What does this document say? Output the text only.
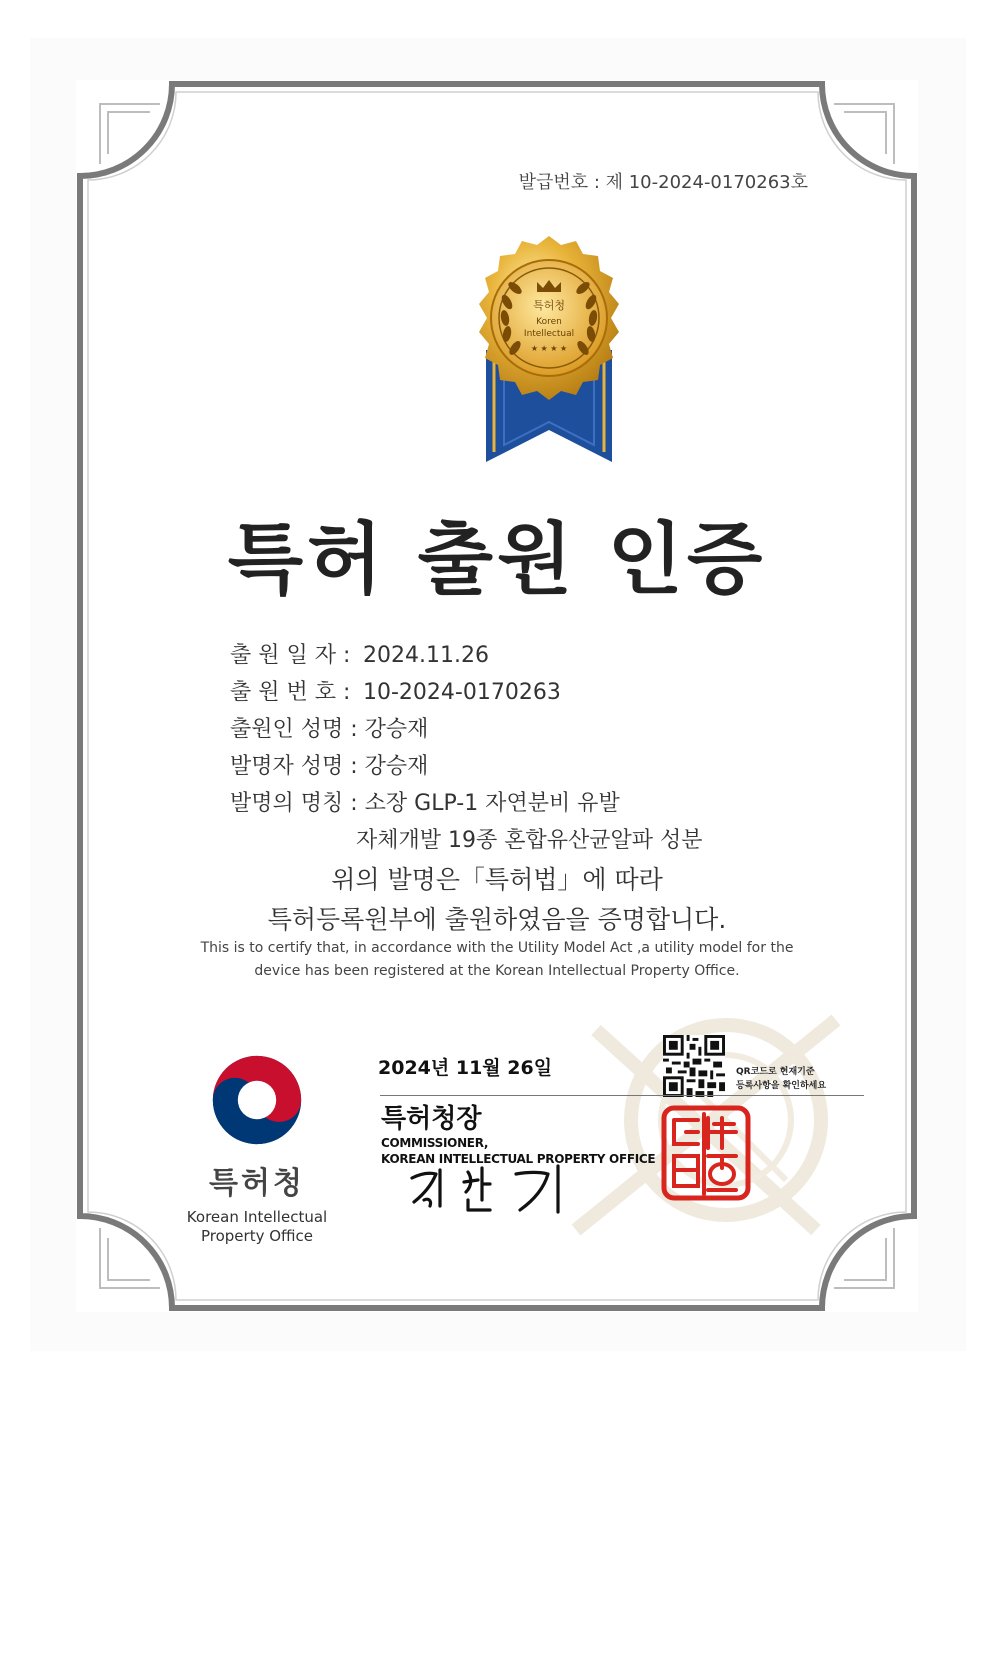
발급번호 : 제 10-2024-0170263호
특허청
Koren
Intellectual
★ ★ ★ ★
특허 출원 인증
출 원 일 자 : 2024.11.26
출 원 번 호 : 10-2024-0170263
출원인 성명 : 강승재
발명자 성명 : 강승재
발명의 명칭 : 소장 GLP-1 자연분비 유발
자체개발 19종 혼합유산균알파 성분
위의 발명은「특허법」에 따라
특허등록원부에 출원하였음을 증명합니다.
This is to certify that, in accordance with the Utility Model Act ,a utility model for the
device has been registered at the Korean Intellectual Property Office.
특허청
Korean Intellectual
Property Office
2024년 11월 26일	QR코드로 현재기준
등록사항을 확인하세요
특허청장
COMMISSIONER,
KOREAN INTELLECTUAL PROPERTY OFFICE
